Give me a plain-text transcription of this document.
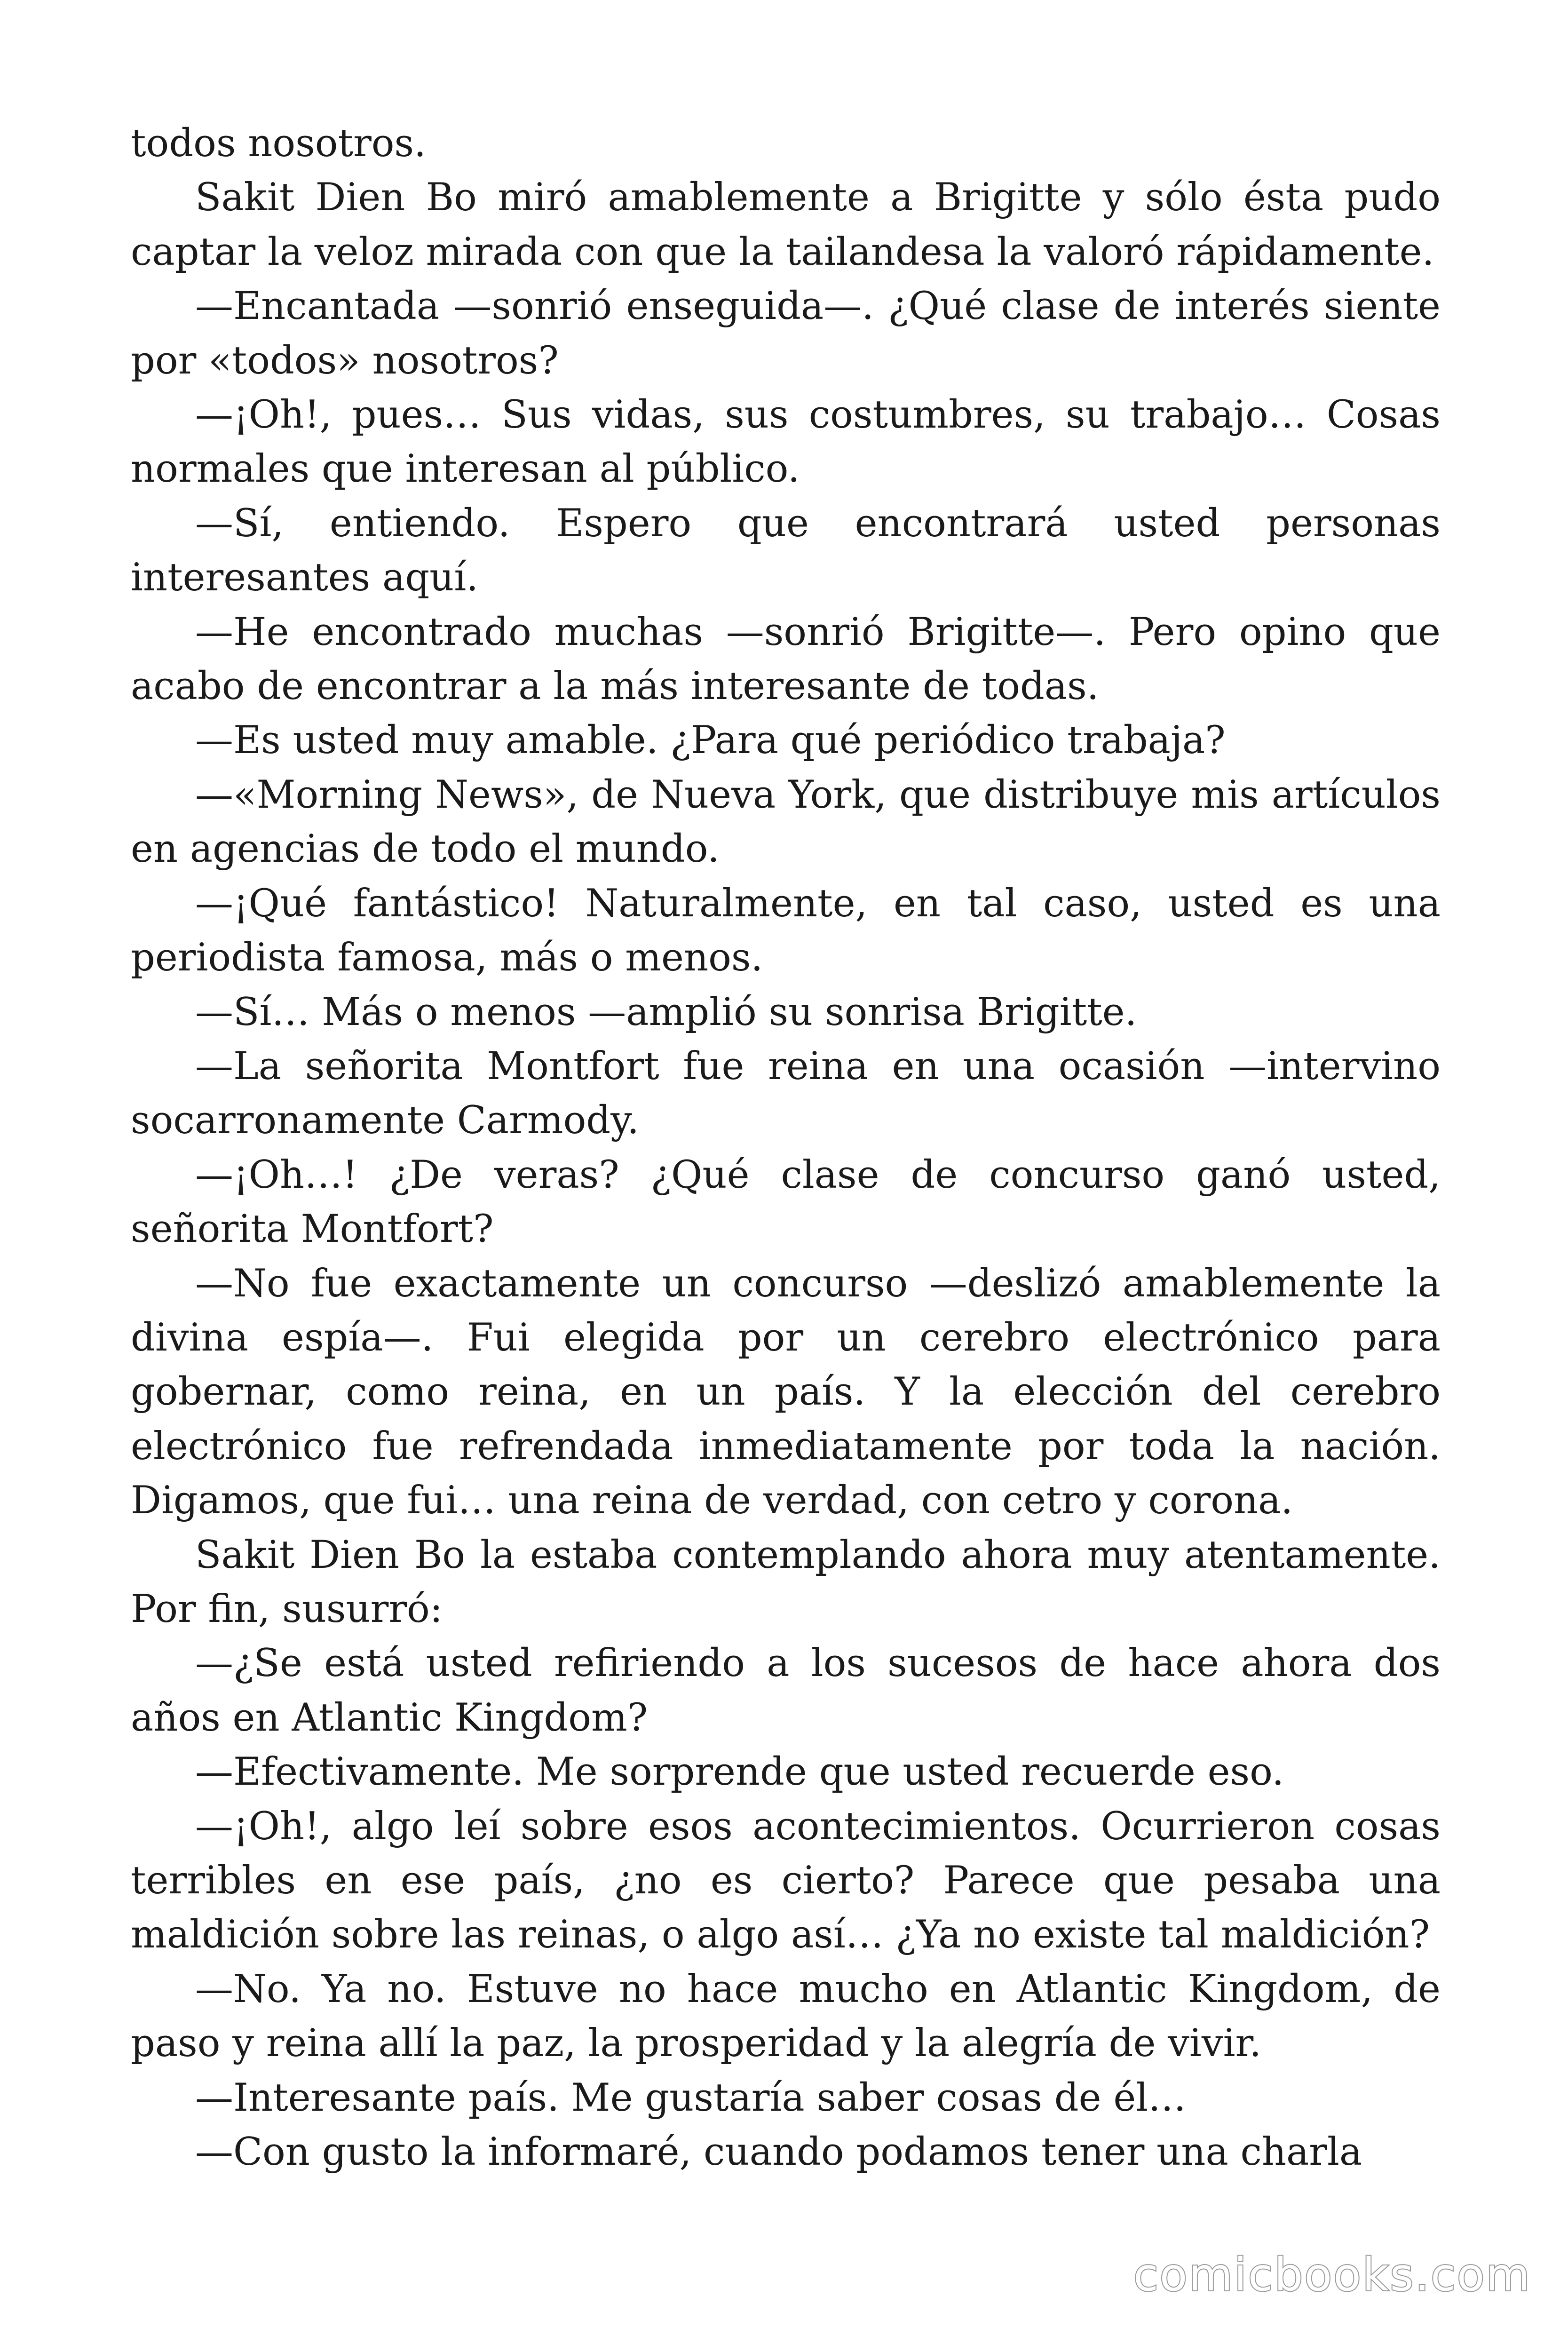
todos nosotros.

Sakit Dien Bo miró amablemente a Brigitte y sólo ésta pudo captar la veloz mirada con que la tailandesa la valoró rápidamente.

—Encantada —sonrió enseguida—. ¿Qué clase de interés siente por «todos» nosotros?

—¡Oh!, pues… Sus vidas, sus costumbres, su trabajo… Cosas normales que interesan al público.

—Sí, entiendo. Espero que encontrará usted personas interesantes aquí.

—He encontrado muchas —sonrió Brigitte—. Pero opino que acabo de encontrar a la más interesante de todas.

—Es usted muy amable. ¿Para qué periódico trabaja?

—«Morning News», de Nueva York, que distribuye mis artículos en agencias de todo el mundo.

—¡Qué fantástico! Naturalmente, en tal caso, usted es una periodista famosa, más o menos.

—Sí… Más o menos —amplió su sonrisa Brigitte.

—La señorita Montfort fue reina en una ocasión —intervino socarronamente Carmody.

—¡Oh…! ¿De veras? ¿Qué clase de concurso ganó usted, señorita Montfort?

—No fue exactamente un concurso —deslizó amablemente la divina espía—. Fui elegida por un cerebro electrónico para gobernar, como reina, en un país. Y la elección del cerebro electrónico fue refrendada inmediatamente por toda la nación. Digamos, que fui… una reina de verdad, con cetro y corona.

Sakit Dien Bo la estaba contemplando ahora muy atentamente. Por fin, susurró:

—¿Se está usted refiriendo a los sucesos de hace ahora dos años en Atlantic Kingdom?

—Efectivamente. Me sorprende que usted recuerde eso.

—¡Oh!, algo leí sobre esos acontecimientos. Ocurrieron cosas terribles en ese país, ¿no es cierto? Parece que pesaba una maldición sobre las reinas, o algo así… ¿Ya no existe tal maldición?

—No. Ya no. Estuve no hace mucho en Atlantic Kingdom, de paso y reina allí la paz, la prosperidad y la alegría de vivir.

—Interesante país. Me gustaría saber cosas de él…

—Con gusto la informaré, cuando podamos tener una charla

comicbooks.com
